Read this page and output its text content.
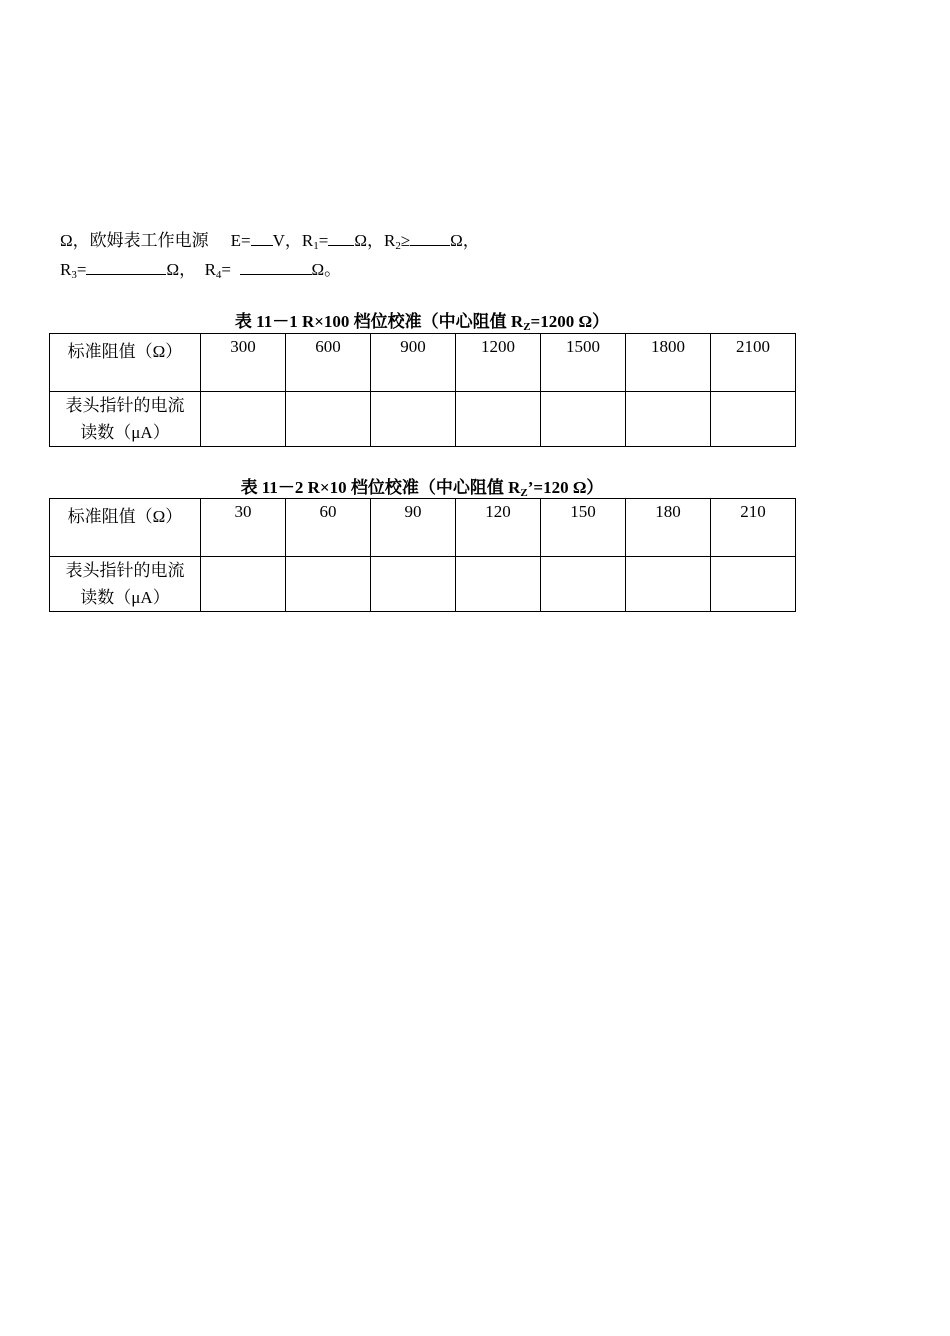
Ω，欧姆表工作电源 E= V，$R_1= \Omega$，$R_2\ge \Omega$，
$R_3=$	Ω，  $R_4=$	Ω。
表 11－1 R×100 档位校准（中心阻值 $R_Z=1200$ Ω）
标准阻值（Ω）	300	600	900	1200	1500	1800	2100
表头指针的电流读数（μA）							
表 11－2 R×10 档位校准（中心阻值 $R_Z’=120$ Ω）
标准阻值（Ω）	30	60	90	120	150	180	210
表头指针的电流读数（μA）							
